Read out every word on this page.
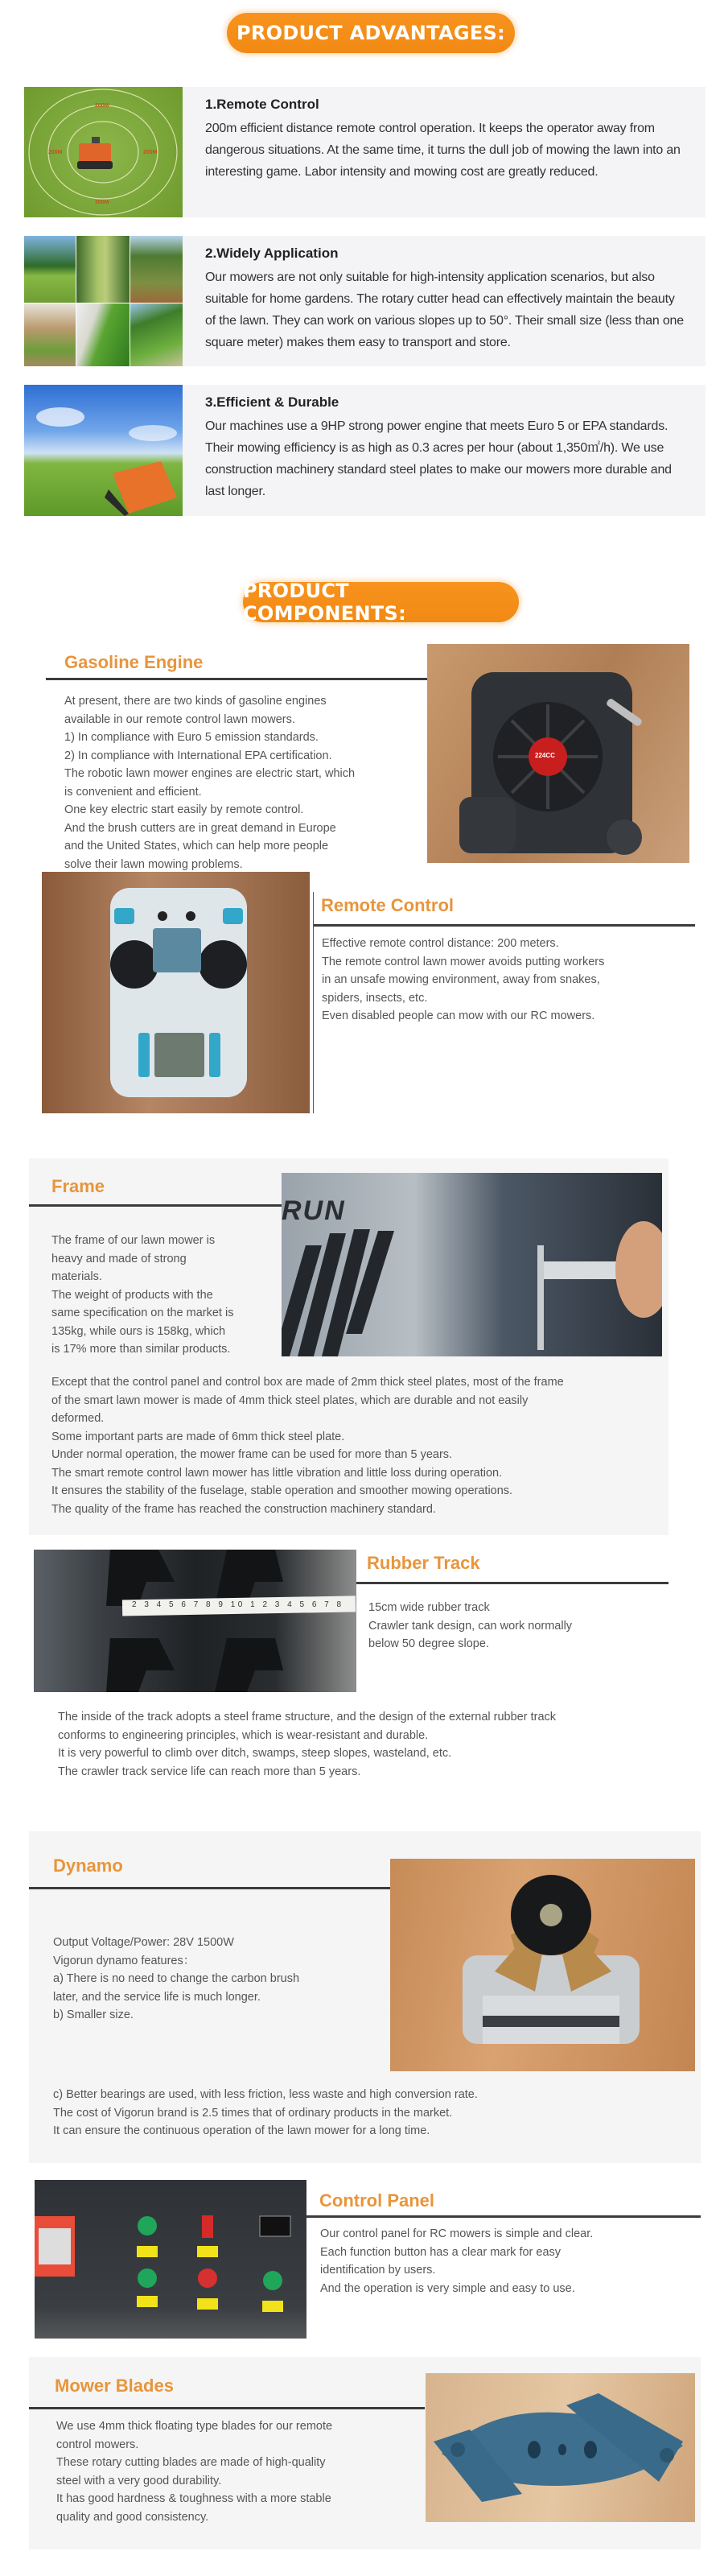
PRODUCT ADVANTAGES:
200M
200M	200M
200M
1.Remote Control
200m efficient distance remote control operation. It keeps the operator away from dangerous situations. At the same time, it turns the dull job of mowing the lawn into an interesting game. Labor intensity and mowing cost are greatly reduced.
2.Widely Application
Our mowers are not only suitable for high-intensity application scenarios, but also suitable for home gardens. The rotary cutter head can effectively maintain the beauty of the lawn. They can work on various slopes up to 50°. Their small size (less than one square meter) makes them easy to transport and store.
3.Efficient & Durable
Our machines use a 9HP strong power engine that meets Euro 5 or EPA standards. Their mowing efficiency is as high as 0.3 acres per hour (about 1,350㎡/h). We use construction machinery standard steel plates to make our mowers more durable and last longer.
PRODUCT COMPONENTS:
Gasoline Engine
At present, there are two kinds of gasoline engines
available in our remote control lawn mowers.
1) In compliance with Euro 5 emission standards.
2) In compliance with International EPA certification.
The robotic lawn mower engines are electric start, which
is convenient and efficient.
One key electric start easily by remote control.
And the brush cutters are in great demand in Europe
and the United States, which can help more people
solve their lawn mowing problems.
224CC
Remote Control
Effective remote control distance: 200 meters.
The remote control lawn mower avoids putting workers
in an unsafe mowing environment, away from snakes,
spiders, insects, etc.
Even disabled people can mow with our RC mowers.
Frame
The frame of our lawn mower is
heavy and made of strong
materials.
The weight of products with the
same specification on the market is
135kg, while ours is 158kg, which
is 17% more than similar products.
RUN
Except that the control panel and control box are made of 2mm thick steel plates, most of the frame
of the smart lawn mower is made of 4mm thick steel plates, which are durable and not easily
deformed.
Some important parts are made of 6mm thick steel plate.
Under normal operation, the mower frame can be used for more than 5 years.
The smart remote control lawn mower has little vibration and little loss during operation.
It ensures the stability of the fuselage, stable operation and smoother mowing operations.
The quality of the frame has reached the construction machinery standard.
2 3 4 5 6 7 8 9 10 1 2 3 4 5 6 7 8
Rubber Track
15cm wide rubber track
Crawler tank design, can work normally
below 50 degree slope.
The inside of the track adopts a steel frame structure, and the design of the external rubber track
conforms to engineering principles, which is wear-resistant and durable.
It is very powerful to climb over ditch, swamps, steep slopes, wasteland, etc.
The crawler track service life can reach more than 5 years.
Dynamo
Output Voltage/Power: 28V 1500W
Vigorun dynamo features：
a) There is no need to change the carbon brush
later, and the service life is much longer.
b) Smaller size.
c) Better bearings are used, with less friction, less waste and high conversion rate.
The cost of Vigorun brand is 2.5 times that of ordinary products in the market.
It can ensure the continuous operation of the lawn mower for a long time.
Control Panel
Our control panel for RC mowers is simple and clear.
Each function button has a clear mark for easy
identification by users.
And the operation is very simple and easy to use.
Mower Blades
We use 4mm thick floating type blades for our remote
control mowers.
These rotary cutting blades are made of high-quality
steel with a very good durability.
It has good hardness & toughness with a more stable
quality and good consistency.
